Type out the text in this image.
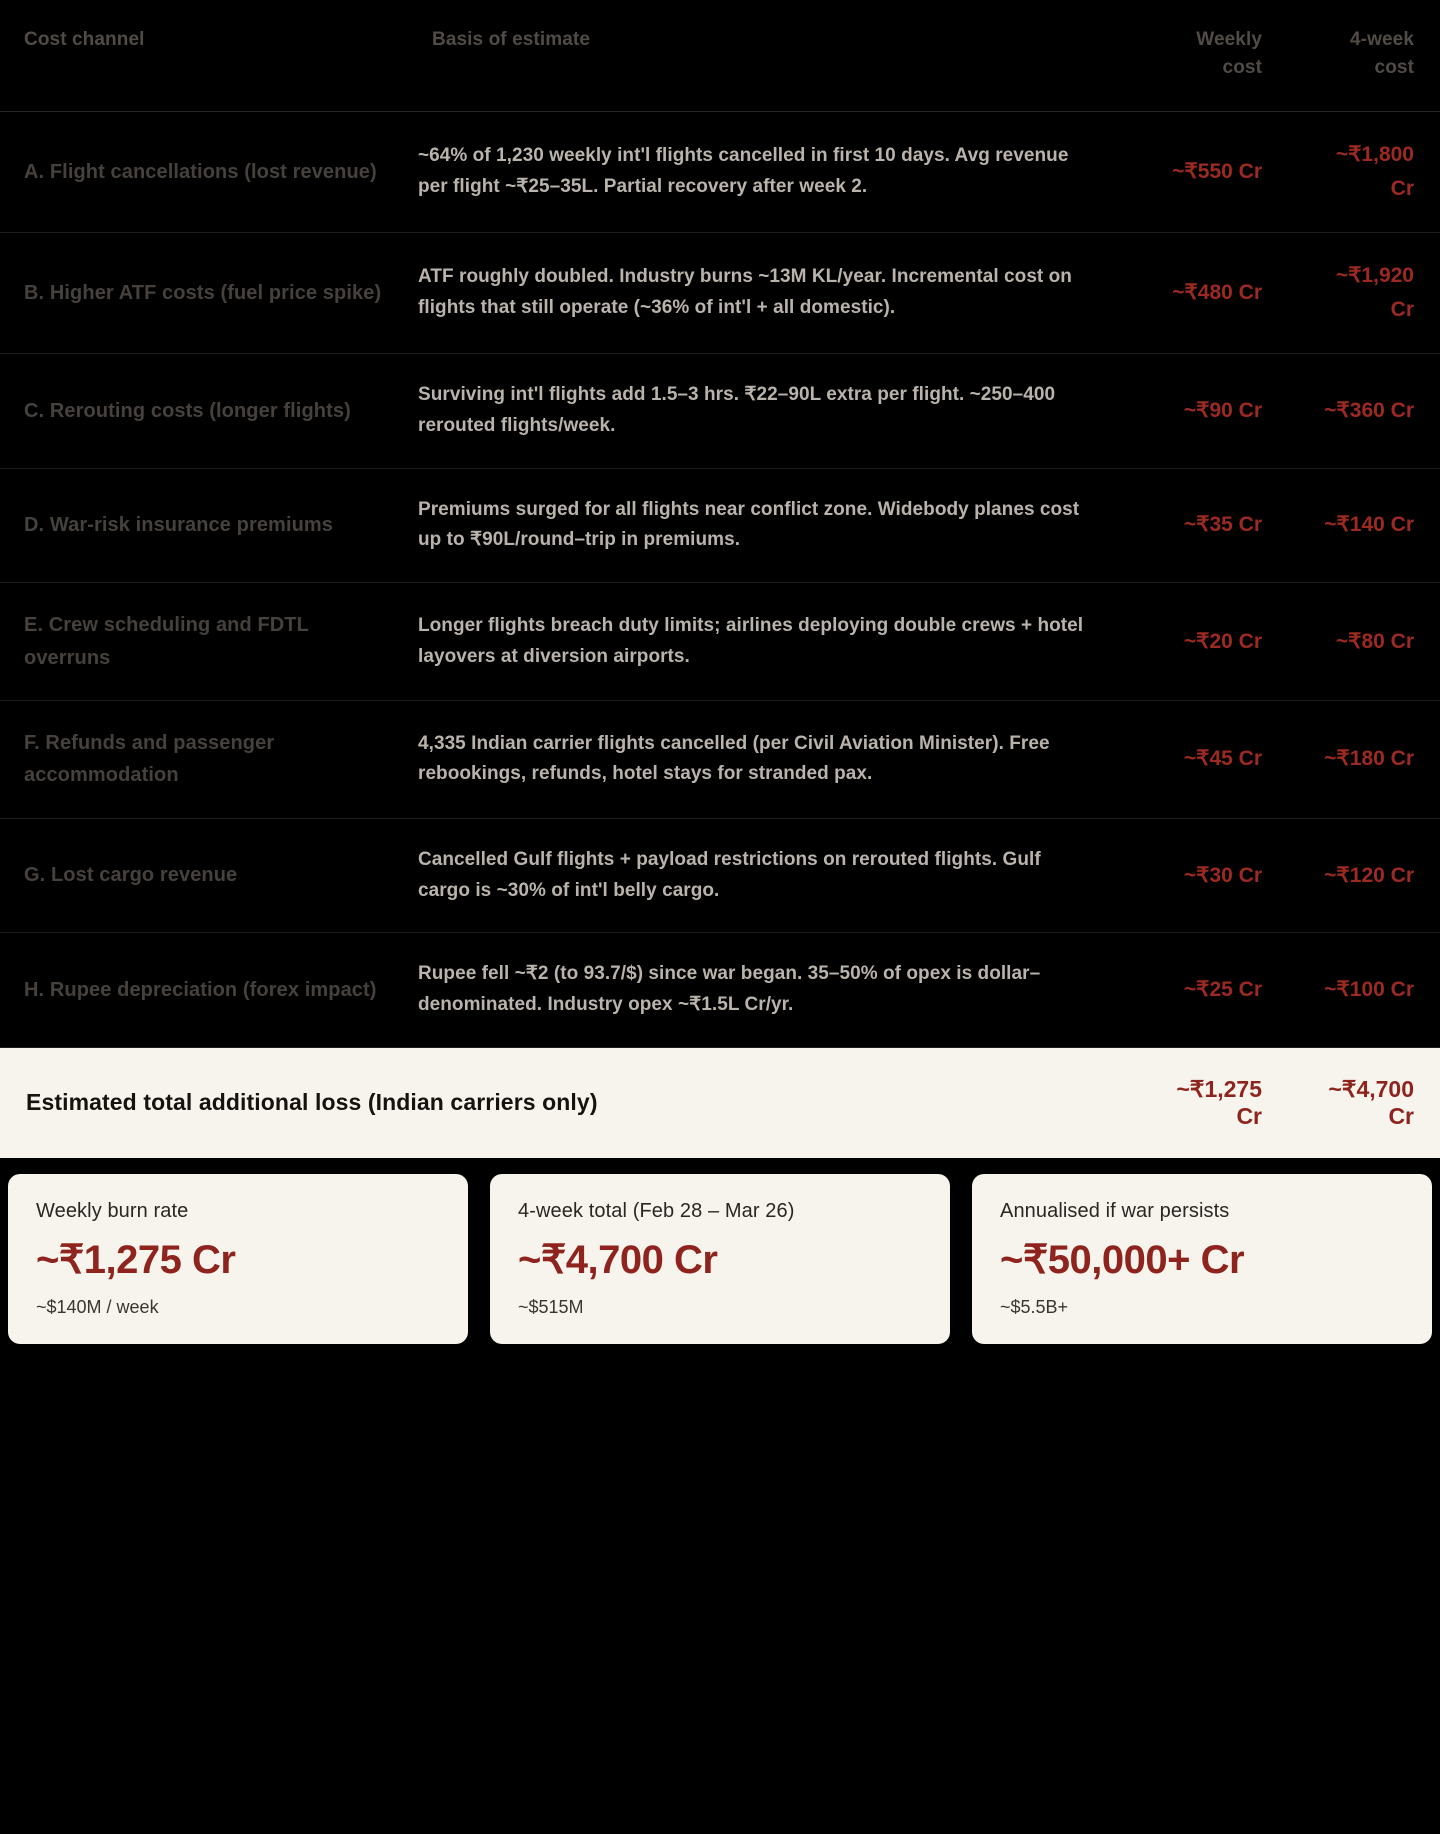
Cost channel	Basis of estimate	Weekly cost	4-week cost
A. Flight cancellations (lost revenue)	~64% of 1,230 weekly int'l flights cancelled in first 10 days. Avg revenue per flight ~₹25–35L. Partial recovery after week 2.	~₹550 Cr	~₹1,800 Cr
B. Higher ATF costs (fuel price spike)	ATF roughly doubled. Industry burns ~13M KL/year. Incremental cost on flights that still operate (~36% of int'l + all domestic).	~₹480 Cr	~₹1,920 Cr
C. Rerouting costs (longer flights)	Surviving int'l flights add 1.5–3 hrs. ₹22–90L extra per flight. ~250–400 rerouted flights/week.	~₹90 Cr	~₹360 Cr
D. War-risk insurance premiums	Premiums surged for all flights near conflict zone. Widebody planes cost up to ₹90L/round–trip in premiums.	~₹35 Cr	~₹140 Cr
E. Crew scheduling and FDTL overruns	Longer flights breach duty limits; airlines deploying double crews + hotel layovers at diversion airports.	~₹20 Cr	~₹80 Cr
F. Refunds and passenger accommodation	4,335 Indian carrier flights cancelled (per Civil Aviation Minister). Free rebookings, refunds, hotel stays for stranded pax.	~₹45 Cr	~₹180 Cr
G. Lost cargo revenue	Cancelled Gulf flights + payload restrictions on rerouted flights. Gulf cargo is ~30% of int'l belly cargo.	~₹30 Cr	~₹120 Cr
H. Rupee depreciation (forex impact)	Rupee fell ~₹2 (to 93.7/$) since war began. 35–50% of opex is dollar–denominated. Industry opex ~₹1.5L Cr/yr.	~₹25 Cr	~₹100 Cr
Estimated total additional loss (Indian carriers only)		~₹1,275 Cr	~₹4,700 Cr
Weekly burn rate
~₹1,275 Cr
~$140M / week
4-week total (Feb 28 – Mar 26)
~₹4,700 Cr
~$515M
Annualised if war persists
~₹50,000+ Cr
~$5.5B+
